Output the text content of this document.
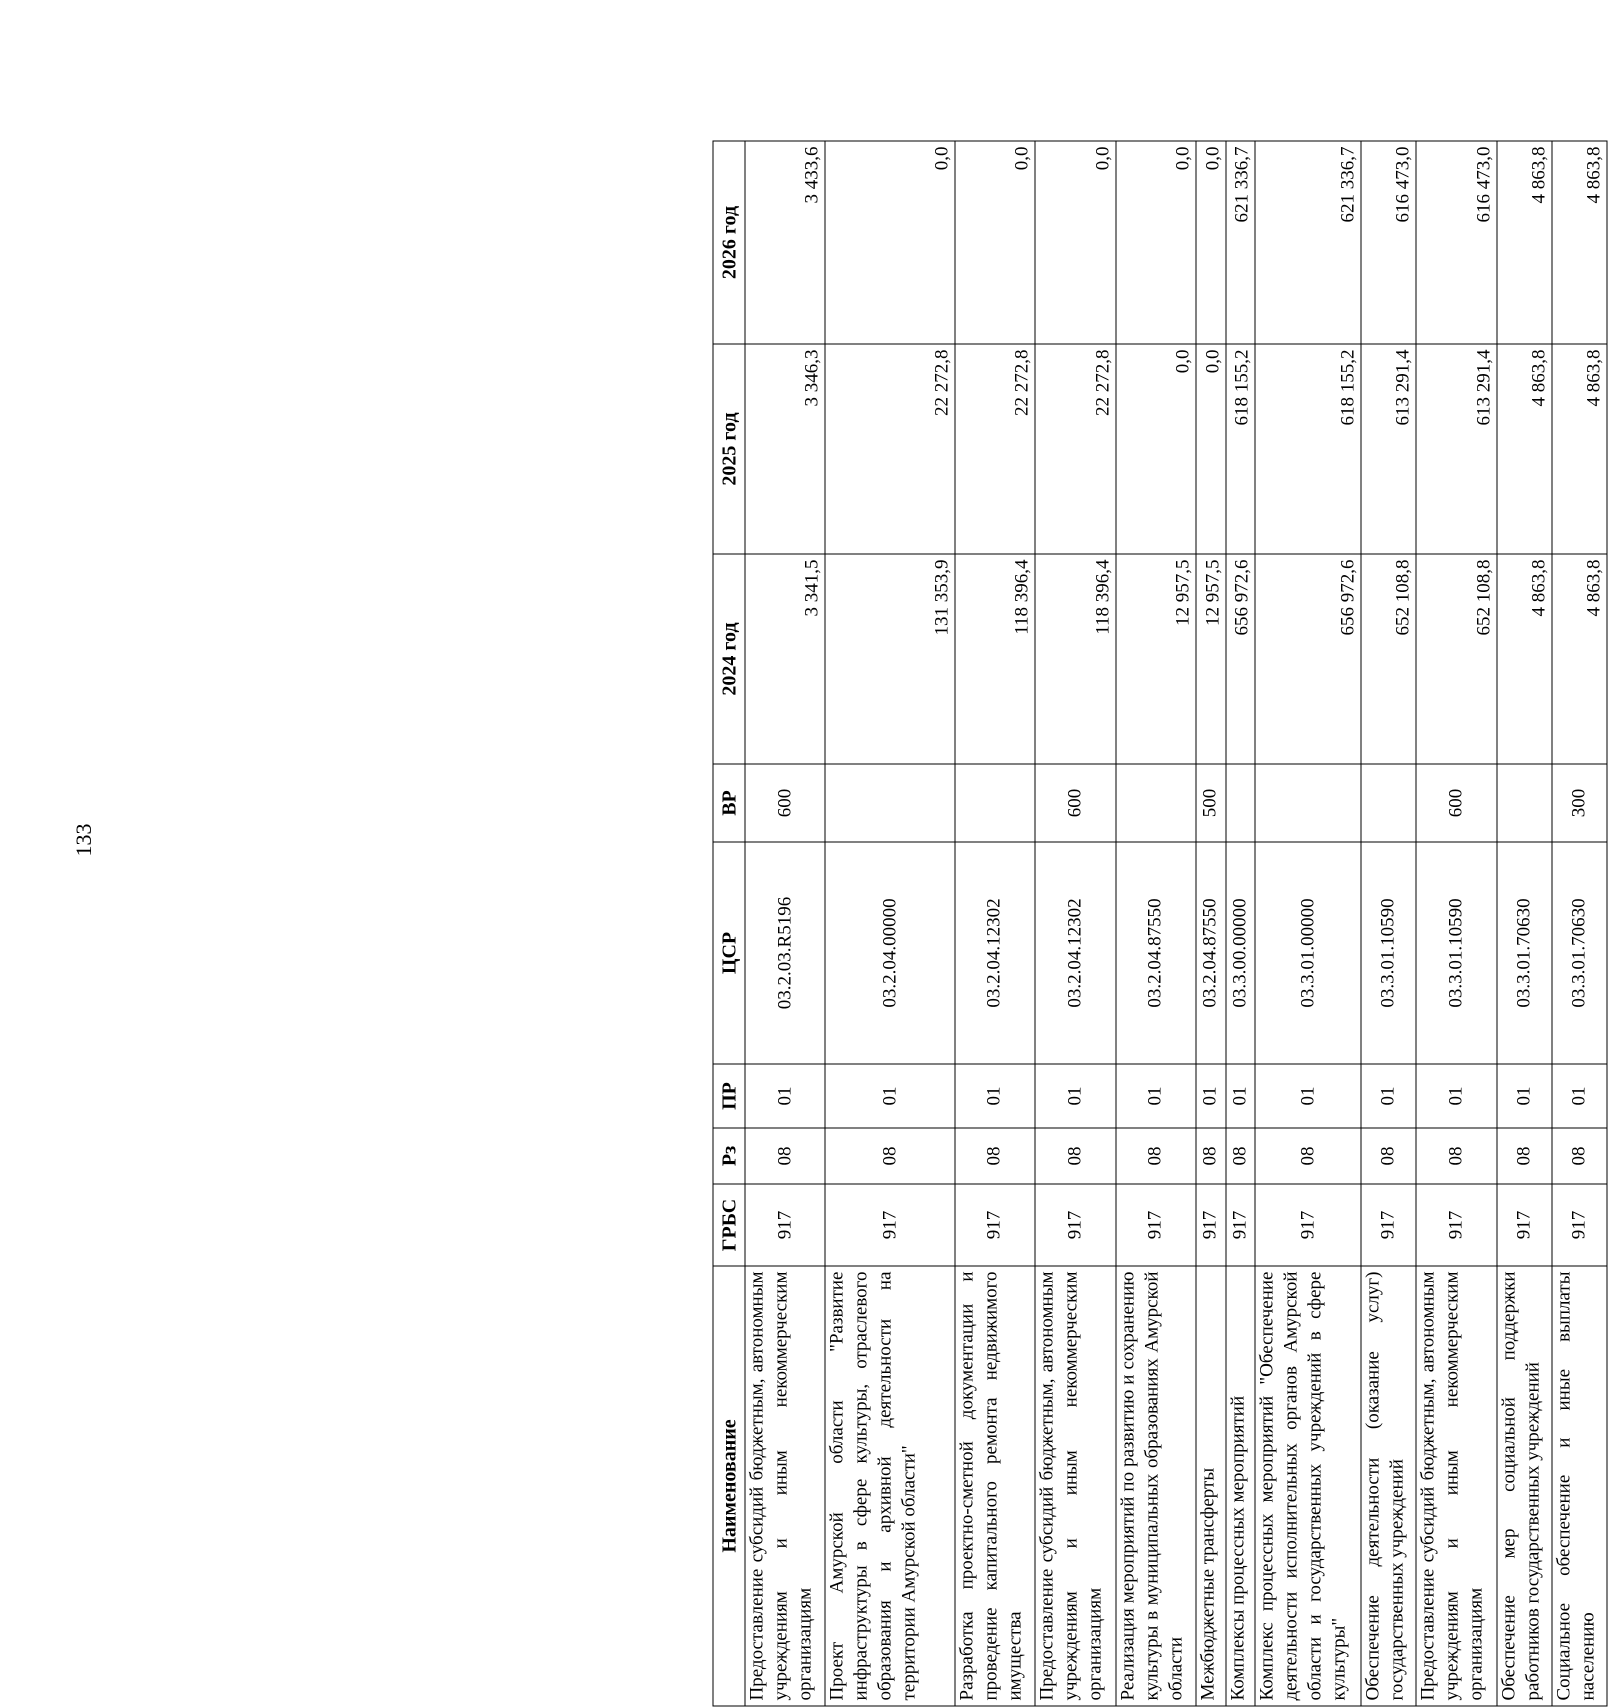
133
Наименование	ГРБС	Рз	ПР	ЦСР	ВР	2024 год	2025 год	2026 год
Предоставление субсидий бюджетным, автономным учреждениям и иным некоммерческим организациям	917	08	01	03.2.03.R5196	600	3 341,5	3 346,3	3 433,6
Проект Амурской области "Развитие инфраструктуры в сфере культуры, отраслевого образования и архивной деятельности на территории Амурской области"	917	08	01	03.2.04.00000		131 353,9	22 272,8	0,0
Разработка проектно-сметной документации и проведение капитального ремонта недвижимого имущества	917	08	01	03.2.04.12302		118 396,4	22 272,8	0,0
Предоставление субсидий бюджетным, автономным учреждениям и иным некоммерческим организациям	917	08	01	03.2.04.12302	600	118 396,4	22 272,8	0,0
Реализация мероприятий по развитию и сохранению культуры в муниципальных образованиях Амурской области	917	08	01	03.2.04.87550		12 957,5	0,0	0,0
Межбюджетные трансферты	917	08	01	03.2.04.87550	500	12 957,5	0,0	0,0
Комплексы процессных мероприятий	917	08	01	03.3.00.00000		656 972,6	618 155,2	621 336,7
Комплекс процессных мероприятий "Обеспечение деятельности исполнительных органов Амурской области и государственных учреждений в сфере культуры"	917	08	01	03.3.01.00000		656 972,6	618 155,2	621 336,7
Обеспечение деятельности (оказание услуг) государственных учреждений	917	08	01	03.3.01.10590		652 108,8	613 291,4	616 473,0
Предоставление субсидий бюджетным, автономным учреждениям и иным некоммерческим организациям	917	08	01	03.3.01.10590	600	652 108,8	613 291,4	616 473,0
Обеспечение мер социальной поддержки работников государственных учреждений	917	08	01	03.3.01.70630		4 863,8	4 863,8	4 863,8
Социальное обеспечение и иные выплаты населению	917	08	01	03.3.01.70630	300	4 863,8	4 863,8	4 863,8
